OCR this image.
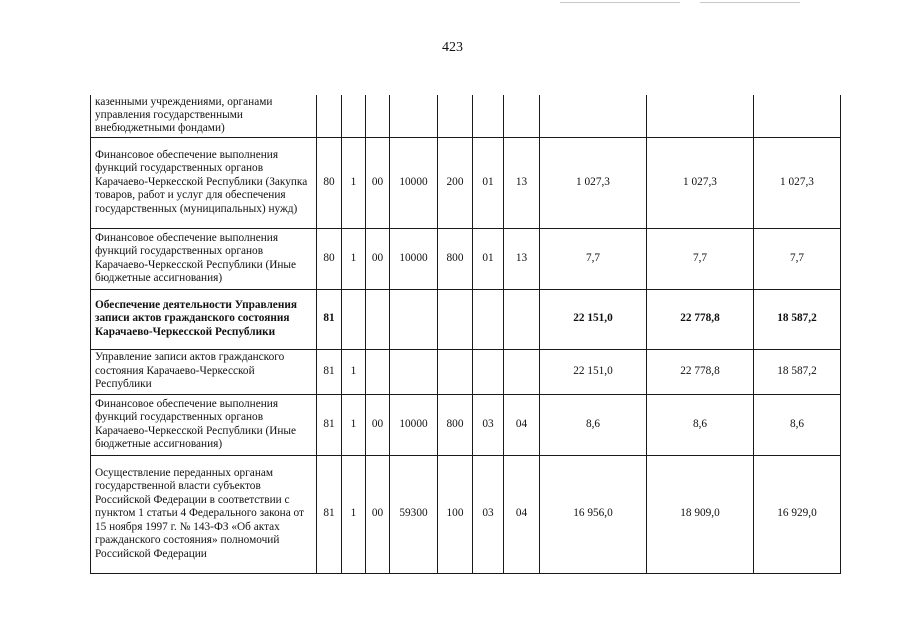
423
казенными учреждениями, органами управления государственными внебюджетными фондами)										
Финансовое обеспечение выполнения функций государственных органов Карачаево-Черкесской Республики (Закупка товаров, работ и услуг для обеспечения государственных (муниципальных) нужд)	80	1	00	10000	200	01	13	1 027,3	1 027,3	1 027,3
Финансовое обеспечение выполнения функций государственных органов Карачаево-Черкесской Республики (Иные бюджетные ассигнования)	80	1	00	10000	800	01	13	7,7	7,7	7,7
Обеспечение деятельности Управления записи актов гражданского состояния Карачаево-Черкесской Республики	81							22 151,0	22 778,8	18 587,2
Управление записи актов гражданского состояния Карачаево-Черкесской Республики	81	1						22 151,0	22 778,8	18 587,2
Финансовое обеспечение выполнения функций государственных органов Карачаево-Черкесской Республики (Иные бюджетные ассигнования)	81	1	00	10000	800	03	04	8,6	8,6	8,6
Осуществление переданных органам государственной власти субъектов Российской Федерации в соответствии с пунктом 1 статьи 4 Федерального закона от 15 ноября 1997 г. № 143-ФЗ «Об актах гражданского состояния» полномочий Российской Федерации	81	1	00	59300	100	03	04	16 956,0	18 909,0	16 929,0
